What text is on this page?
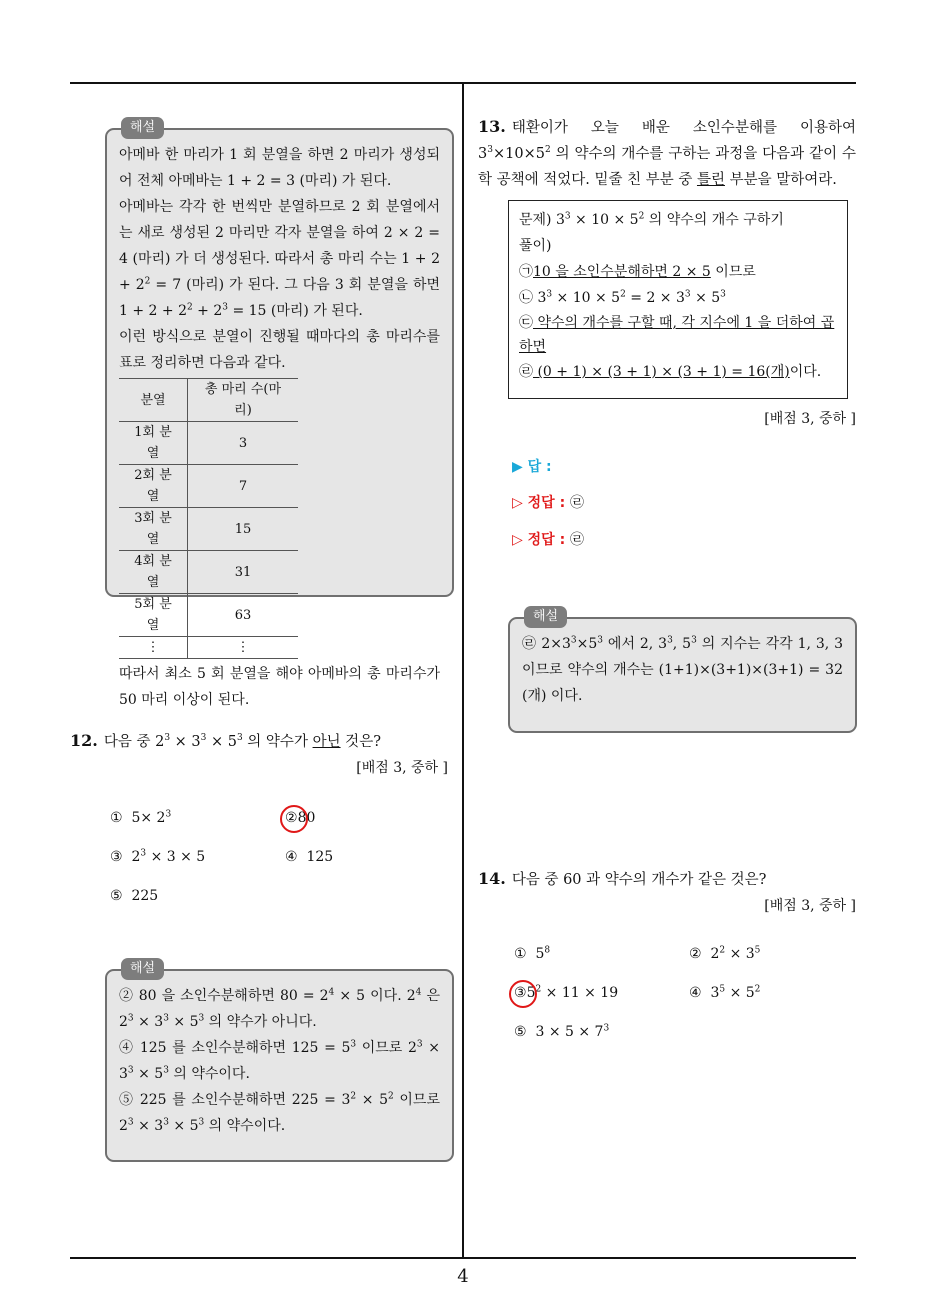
4
해설
아메바 한 마리가 1 회 분열을 하면 2 마리가 생성되어 전체 아메바는 1 + 2 = 3 (마리) 가 된다.
아메바는 각각 한 번씩만 분열하므로 2 회 분열에서는 새로 생성된 2 마리만 각자 분열을 하여 2 × 2 = 4 (마리) 가 더 생성된다. 따라서 총 마리 수는 $1 + 2 + 2^2 = 7$ (마리) 가 된다. 그 다음 3 회 분열을 하면 $1 + 2 + 2^2 + 2^3 = 15$ (마리) 가 된다.
이런 방식으로 분열이 진행될 때마다의 총 마리수를 표로 정리하면 다음과 같다.
분열	총 마리 수(마리)
1회 분열	3
2회 분열	7
3회 분열	15
4회 분열	31
5회 분열	63
⋮	⋮
따라서 최소 5 회 분열을 해야 아메바의 총 마리수가 50 마리 이상이 된다.
12. 다음 중 $2^3 \times 3^3 \times 5^3$ 의 약수가 아닌 것은?
[배점 3, 중하 ]
① $5\times 2^3$	②80
③ $2^3 \times 3 \times 5$	④ 125
⑤ 225
해설
② 80 을 소인수분해하면 $80 = 2^4 \times 5$ 이다. $2^4$ 은 $2^3 \times 3^3 \times 5^3$ 의 약수가 아니다.
④ 125 를 소인수분해하면 $125 = 5^3$ 이므로 $2^3 \times 3^3 \times 5^3$ 의 약수이다.
⑤ 225 를 소인수분해하면 $225 = 3^2 \times 5^2$ 이므로 $2^3 \times 3^3 \times 5^3$ 의 약수이다.
13. 태환이가 오늘 배운 소인수분해를 이용하여 $3^3\times 10\times 5^2$ 의 약수의 개수를 구하는 과정을 다음과 같이 수학 공책에 적었다. 밑줄 친 부분 중 틀린 부분을 말하여라.
문제) $3^3 \times 10 \times 5^2$ 의 약수의 개수 구하기
풀이)
㉠10 을 소인수분해하면 2 × 5 이므로
㉡ $3^3 \times 10 \times 5^2 = 2 \times 3^3 \times 5^3$
㉢ 약수의 개수를 구할 때, 각 지수에 1 을 더하여 곱하면
㉣ (0 + 1) × (3 + 1) × (3 + 1) = 16(개)이다.
[배점 3, 중하 ]
▶ 답 :
▷ 정답 : ㉣
▷ 정답 : ㉣
해설
㉣ $2\times 3^3\times 5^3$ 에서 2, $3^3$, $5^3$ 의 지수는 각각 1, 3, 3 이므로 약수의 개수는 (1+1)×(3+1)×(3+1) = 32 (개) 이다.
14. 다음 중 60 과 약수의 개수가 같은 것은?
[배점 3, 중하 ]
① $5^8$	② $2^2 \times 3^5$
$③5^2 \times 11 \times 19$	④ $3^5 \times 5^2$
⑤ $3 \times 5 \times 7^3$
